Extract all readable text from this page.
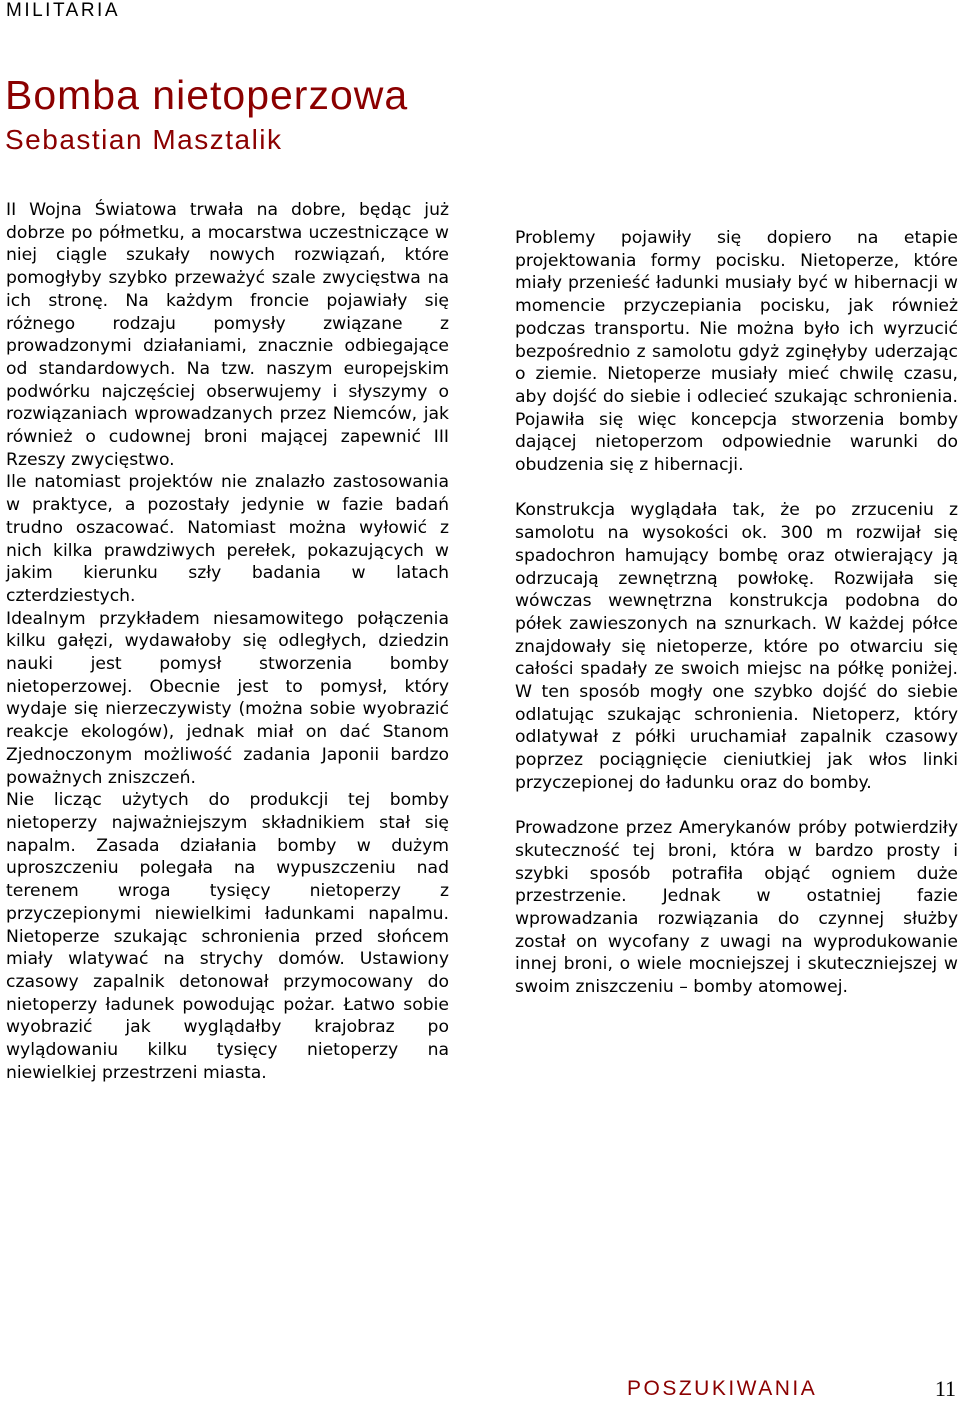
MILITARIA
Bomba nietoperzowa
Sebastian Masztalik

II Wojna Światowa trwała na dobre, będąc już dobrze po półmetku, a mocarstwa uczestniczące w niej ciągle szukały nowych rozwiązań, które pomogłyby szybko przeważyć szale zwycięstwa na ich stronę. Na każdym froncie pojawiały się różnego rodzaju pomysły związane z prowadzonymi działaniami, znacznie odbiegające od standardowych. Na tzw. naszym europejskim podwórku najczęściej obserwujemy i słyszymy o rozwiązaniach wprowadzanych przez Niemców, jak również o cudownej broni mającej zapewnić III Rzeszy zwycięstwo.

Ile natomiast projektów nie znalazło zastosowania w praktyce, a pozostały jedynie w fazie badań trudno oszacować. Natomiast można wyłowić z nich kilka prawdziwych perełek, pokazujących w jakim kierunku szły badania w latach czterdziestych.

Idealnym przykładem niesamowitego połączenia kilku gałęzi, wydawałoby się odległych, dziedzin nauki jest pomysł stworzenia bomby nietoperzowej. Obecnie jest to pomysł, który wydaje się nierzeczywisty (można sobie wyobrazić reakcje ekologów), jednak miał on dać Stanom Zjednoczonym możliwość zadania Japonii bardzo poważnych zniszczeń.

Nie licząc użytych do produkcji tej bomby nietoperzy najważniejszym składnikiem stał się napalm. Zasada działania bomby w dużym uproszczeniu polegała na wypuszczeniu nad terenem wroga tysięcy nietoperzy z przyczepionymi niewielkimi ładunkami napalmu. Nietoperze szukając schronienia przed słońcem miały wlatywać na strychy domów. Ustawiony czasowy zapalnik detonował przymocowany do nietoperzy ładunek powodując pożar. Łatwo sobie wyobrazić jak wyglądałby krajobraz po wylądowaniu kilku tysięcy nietoperzy na niewielkiej przestrzeni miasta.

Problemy pojawiły się dopiero na etapie projektowania formy pocisku. Nietoperze, które miały przenieść ładunki musiały być w hibernacji w momencie przyczepiania pocisku, jak również podczas transportu. Nie można było ich wyrzucić bezpośrednio z samolotu gdyż zginęłyby uderzając o ziemie. Nietoperze musiały mieć chwilę czasu, aby dojść do siebie i odlecieć szukając schronienia. Pojawiła się więc koncepcja stworzenia bomby dającej nietoperzom odpowiednie warunki do obudzenia się z hibernacji.

Konstrukcja wyglądała tak, że po zrzuceniu z samolotu na wysokości ok. 300 m rozwijał się spadochron hamujący bombę oraz otwierający ją odrzucają zewnętrzną powłokę. Rozwijała się wówczas wewnętrzna konstrukcja podobna do półek zawieszonych na sznurkach. W każdej półce znajdowały się nietoperze, które po otwarciu się całości spadały ze swoich miejsc na półkę poniżej. W ten sposób mogły one szybko dojść do siebie odlatując szukając schronienia. Nietoperz, który odlatywał z półki uruchamiał zapalnik czasowy poprzez pociągnięcie cieniutkiej jak włos linki przyczepionej do ładunku oraz do bomby.

Prowadzone przez Amerykanów próby potwierdziły skuteczność tej broni, która w bardzo prosty i szybki sposób potrafiła objąć ogniem duże przestrzenie. Jednak w ostatniej fazie wprowadzania rozwiązania do czynnej służby został on wycofany z uwagi na wyprodukowanie innej broni, o wiele mocniejszej i skuteczniejszej w swoim zniszczeniu – bomby atomowej.

POSZUKIWANIA	11
